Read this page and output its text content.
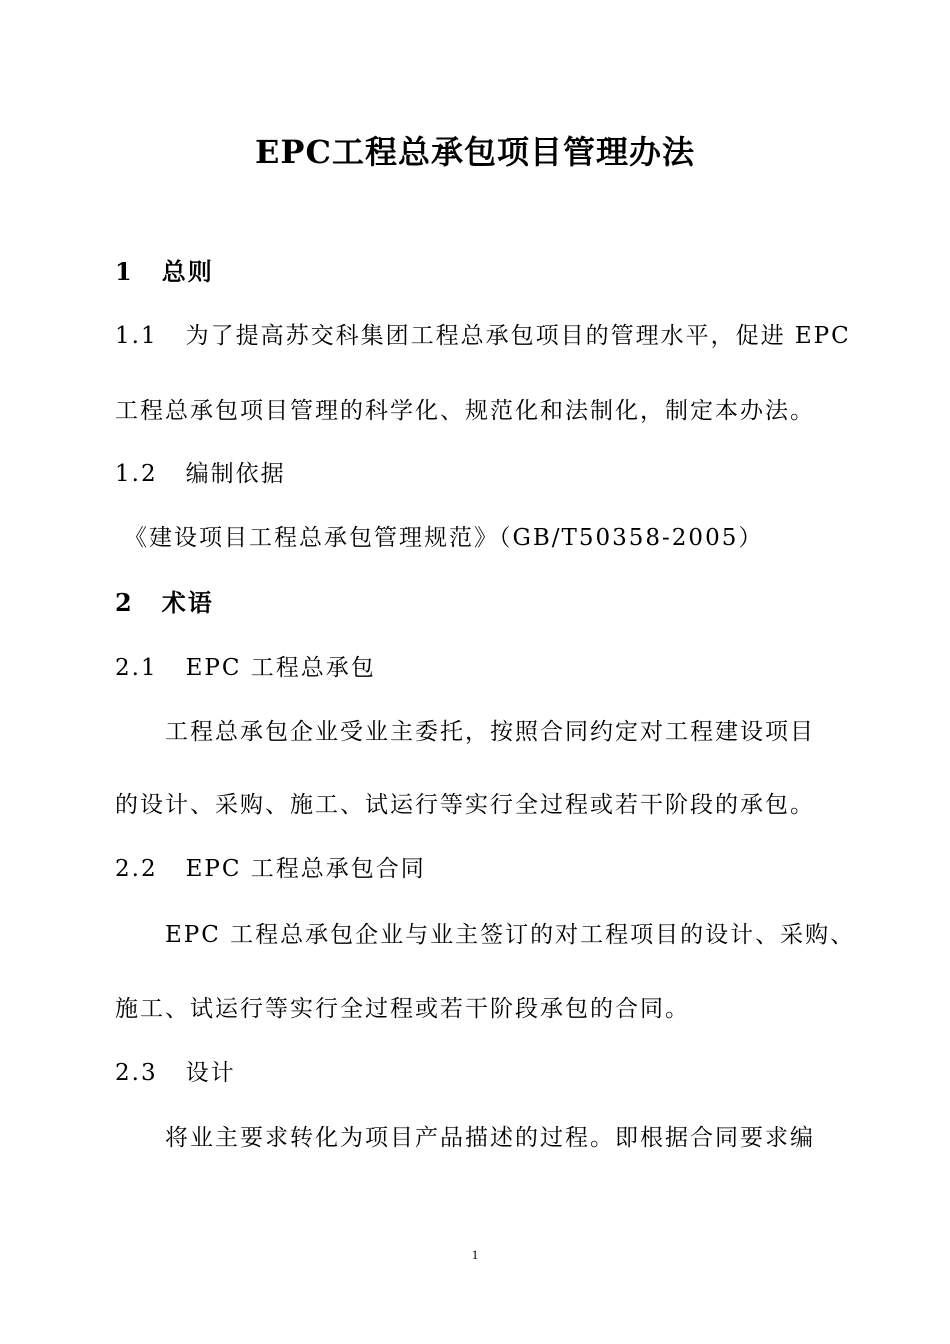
EPC工程总承包项目管理办法
1 总则
1.1 为了提高苏交科集团工程总承包项目的管理水平，促进 EPC
工程总承包项目管理的科学化、规范化和法制化，制定本办法。
1.2 编制依据
《建设项目工程总承包管理规范》（GB/T50358-2005）
2 术语
2.1 EPC 工程总承包
工程总承包企业受业主委托，按照合同约定对工程建设项目
的设计、采购、施工、试运行等实行全过程或若干阶段的承包。
2.2 EPC 工程总承包合同
EPC 工程总承包企业与业主签订的对工程项目的设计、采购、
施工、试运行等实行全过程或若干阶段承包的合同。
2.3 设计
将业主要求转化为项目产品描述的过程。即根据合同要求编
1
